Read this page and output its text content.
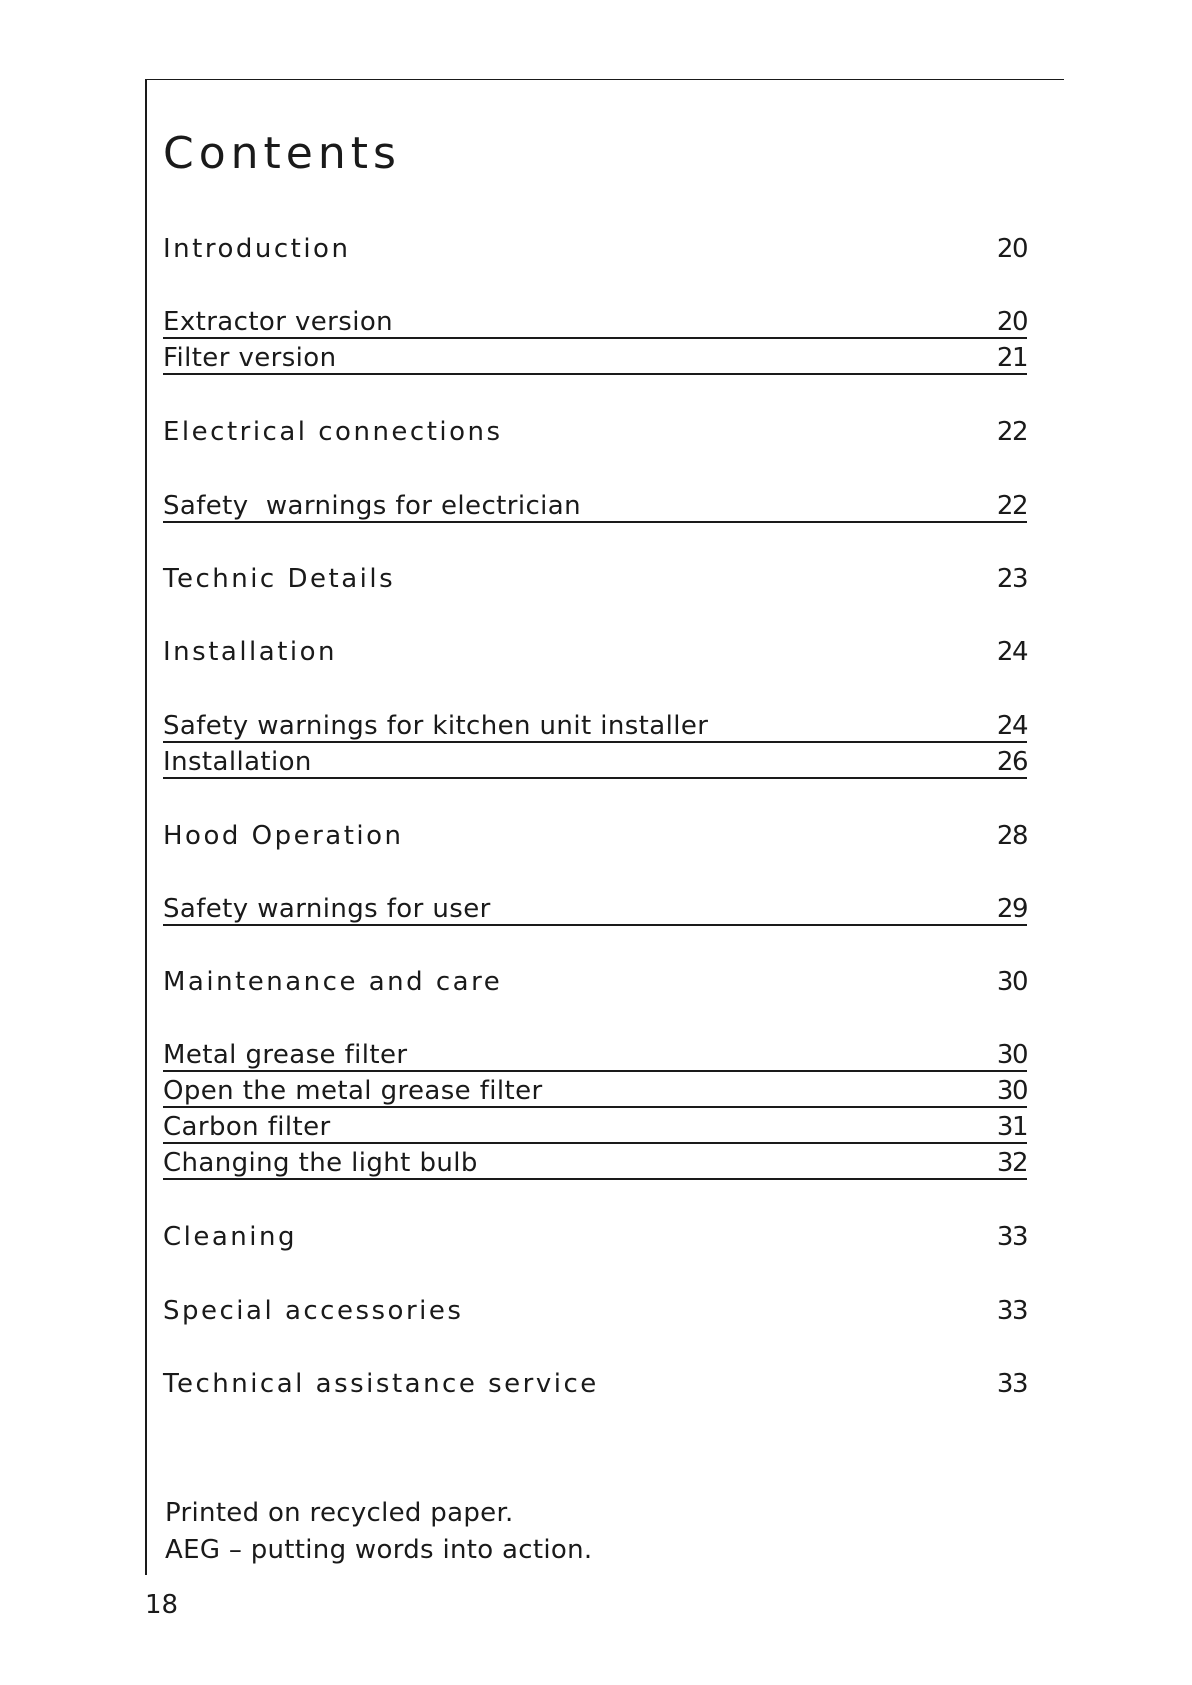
Contents
Introduction	20
Extractor version	20
Filter version	21
Electrical connections	22
Safety  warnings for electrician	22
Technic Details	23
Installation	24
Safety warnings for kitchen unit installer	24
Installation	26
Hood Operation	28
Safety warnings for user	29
Maintenance and care	30
Metal grease filter	30
Open the metal grease filter	30
Carbon filter	31
Changing the light bulb	32
Cleaning	33
Special accessories	33
Technical assistance service	33
Printed on recycled paper.
AEG – putting words into action.
18
